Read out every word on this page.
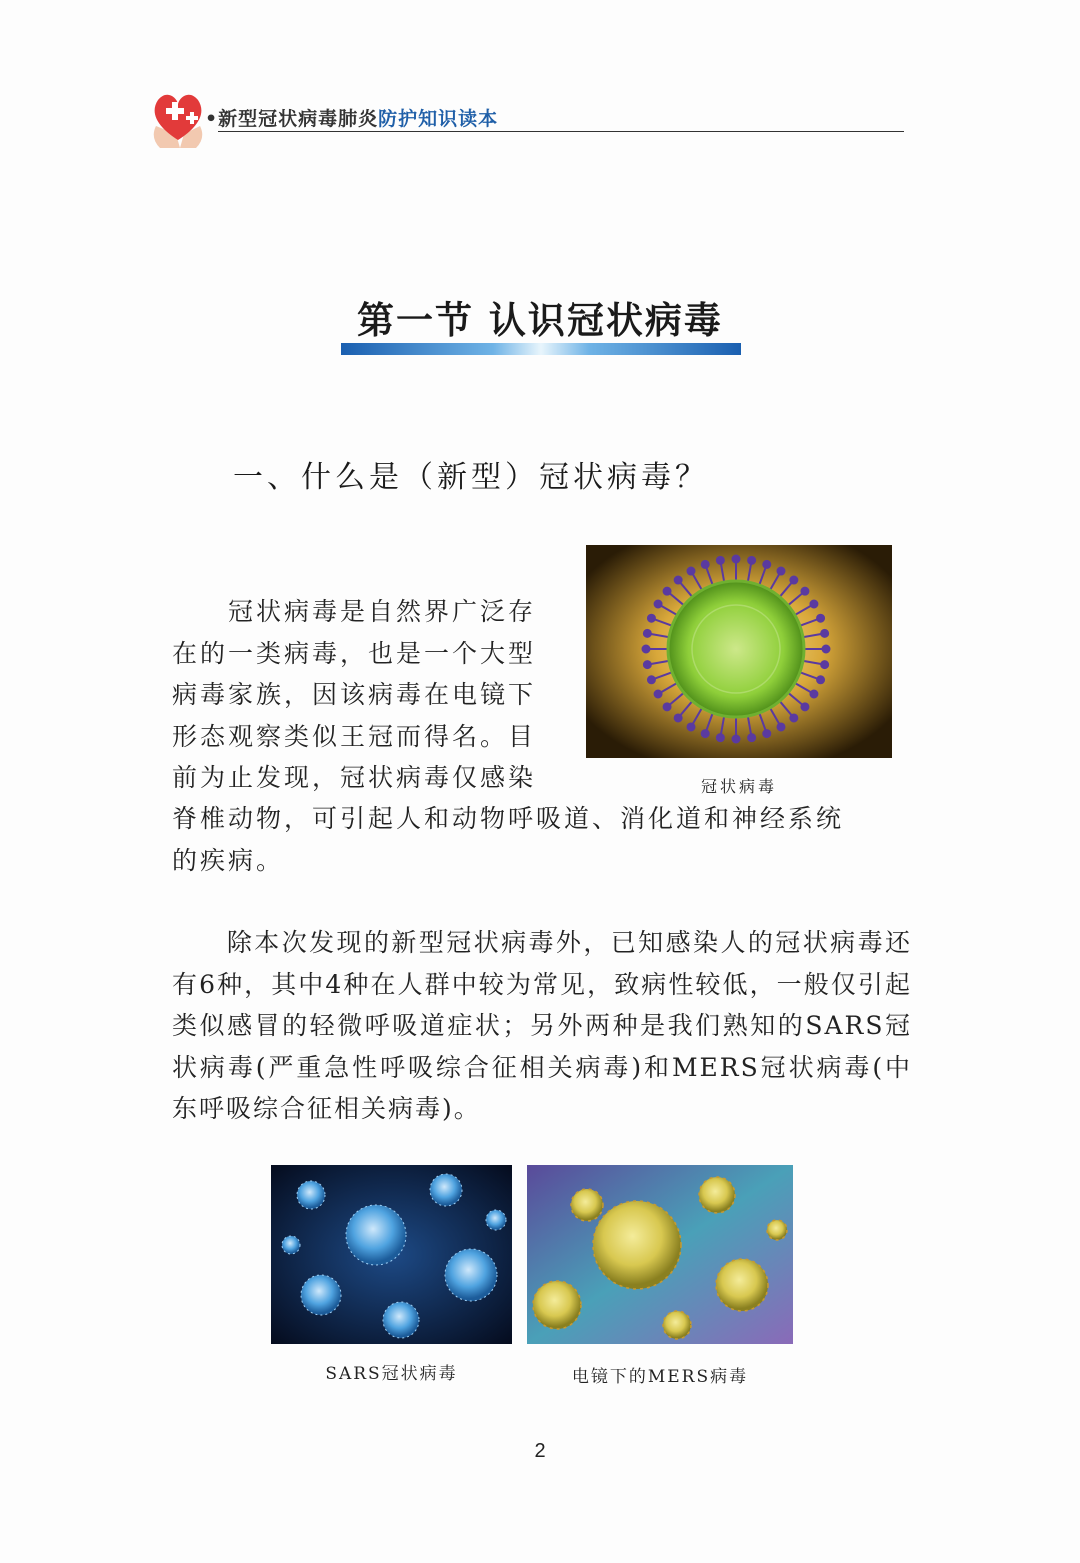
•新型冠状病毒肺炎防护知识读本
第一节 认识冠状病毒
一、什么是（新型）冠状病毒？
　　冠状病毒是自然界广泛存
在的一类病毒，也是一个大型
病毒家族，因该病毒在电镜下
形态观察类似王冠而得名。目
前为止发现，冠状病毒仅感染
脊椎动物，可引起人和动物呼吸道、消化道和神经系统
的疾病。
冠状病毒

　　除本次发现的新型冠状病毒外，已知感染人的冠状病毒还有6种，其中4种在人群中较为常见，致病性较低，一般仅引起类似感冒的轻微呼吸道症状；另外两种是我们熟知的SARS冠状病毒(严重急性呼吸综合征相关病毒)和MERS冠状病毒(中东呼吸综合征相关病毒)。

SARS冠状病毒	电镜下的MERS病毒
2
